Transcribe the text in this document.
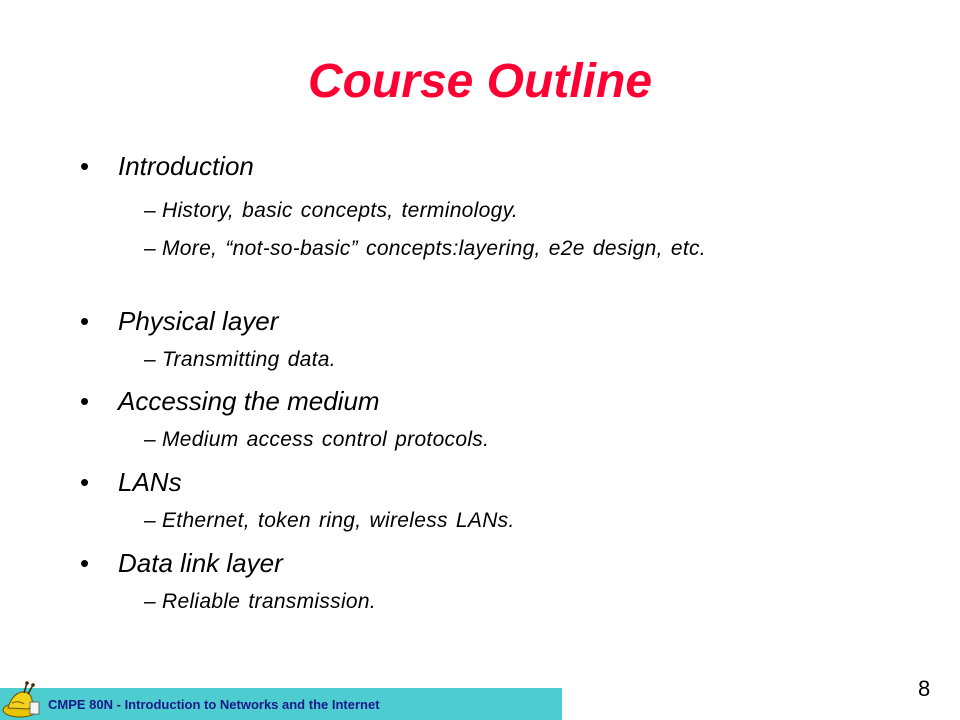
Course Outline
• Introduction
– History, basic concepts, terminology.
– More, “not-so-basic” concepts:layering, e2e design, etc.
• Physical layer
– Transmitting data.
• Accessing the medium
– Medium access control protocols.
• LANs
– Ethernet, token ring, wireless LANs.
• Data link layer
– Reliable transmission.
CMPE 80N - Introduction to Networks and the Internet
8
